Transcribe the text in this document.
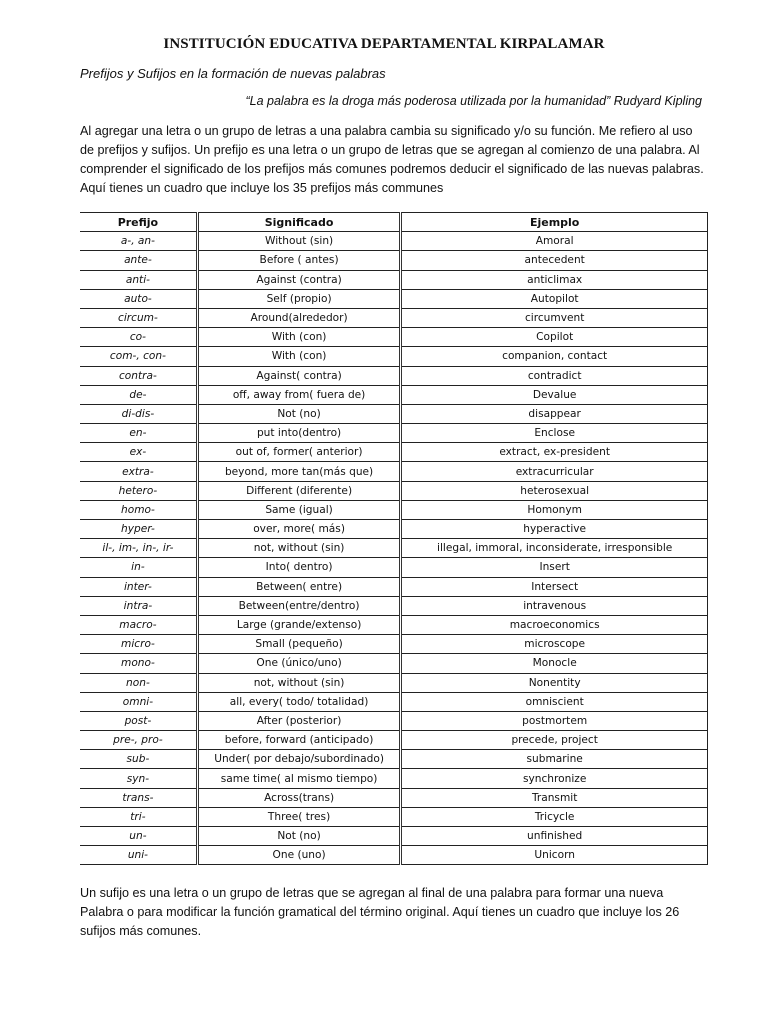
INSTITUCIÓN EDUCATIVA DEPARTAMENTAL KIRPALAMAR
Prefijos y Sufijos en la formación de nuevas palabras
“La palabra es la droga más poderosa utilizada por la humanidad” Rudyard Kipling
Al agregar una letra o un grupo de letras a una palabra cambia su significado y/o su función. Me refiero al uso de prefijos y sufijos. Un prefijo es una letra o un grupo de letras que se agregan al comienzo de una palabra. Al comprender el significado de los prefijos más comunes podremos deducir el significado de las nuevas palabras. Aquí tienes un cuadro que incluye los 35 prefijos más communes
Prefijo	Significado	Ejemplo
a-, an-	Without (sin)	Amoral
ante-	Before ( antes)	antecedent
anti-	Against (contra)	anticlimax
auto-	Self (propio)	Autopilot
circum-	Around(alrededor)	circumvent
co-	With (con)	Copilot
com-, con-	With (con)	companion, contact
contra-	Against( contra)	contradict
de-	off, away from( fuera de)	Devalue
di-dis-	Not (no)	disappear
en-	put into(dentro)	Enclose
ex-	out of, former( anterior)	extract, ex-president
extra-	beyond, more tan(más que)	extracurricular
hetero-	Different (diferente)	heterosexual
homo-	Same (igual)	Homonym
hyper-	over, more( más)	hyperactive
il-, im-, in-, ir-	not, without (sin)	illegal, immoral, inconsiderate, irresponsible
in-	Into( dentro)	Insert
inter-	Between( entre)	Intersect
intra-	Between(entre/dentro)	intravenous
macro-	Large (grande/extenso)	macroeconomics
micro-	Small (pequeño)	microscope
mono-	One (único/uno)	Monocle
non-	not, without (sin)	Nonentity
omni-	all, every( todo/ totalidad)	omniscient
post-	After (posterior)	postmortem
pre-, pro-	before, forward (anticipado)	precede, project
sub-	Under( por debajo/subordinado)	submarine
syn-	same time( al mismo tiempo)	synchronize
trans-	Across(trans)	Transmit
tri-	Three( tres)	Tricycle
un-	Not (no)	unfinished
uni-	One (uno)	Unicorn
Un sufijo es una letra o un grupo de letras que se agregan al final de una palabra para formar una nueva Palabra o para modificar la función gramatical del término original. Aquí tienes un cuadro que incluye los 26 sufijos más comunes.
